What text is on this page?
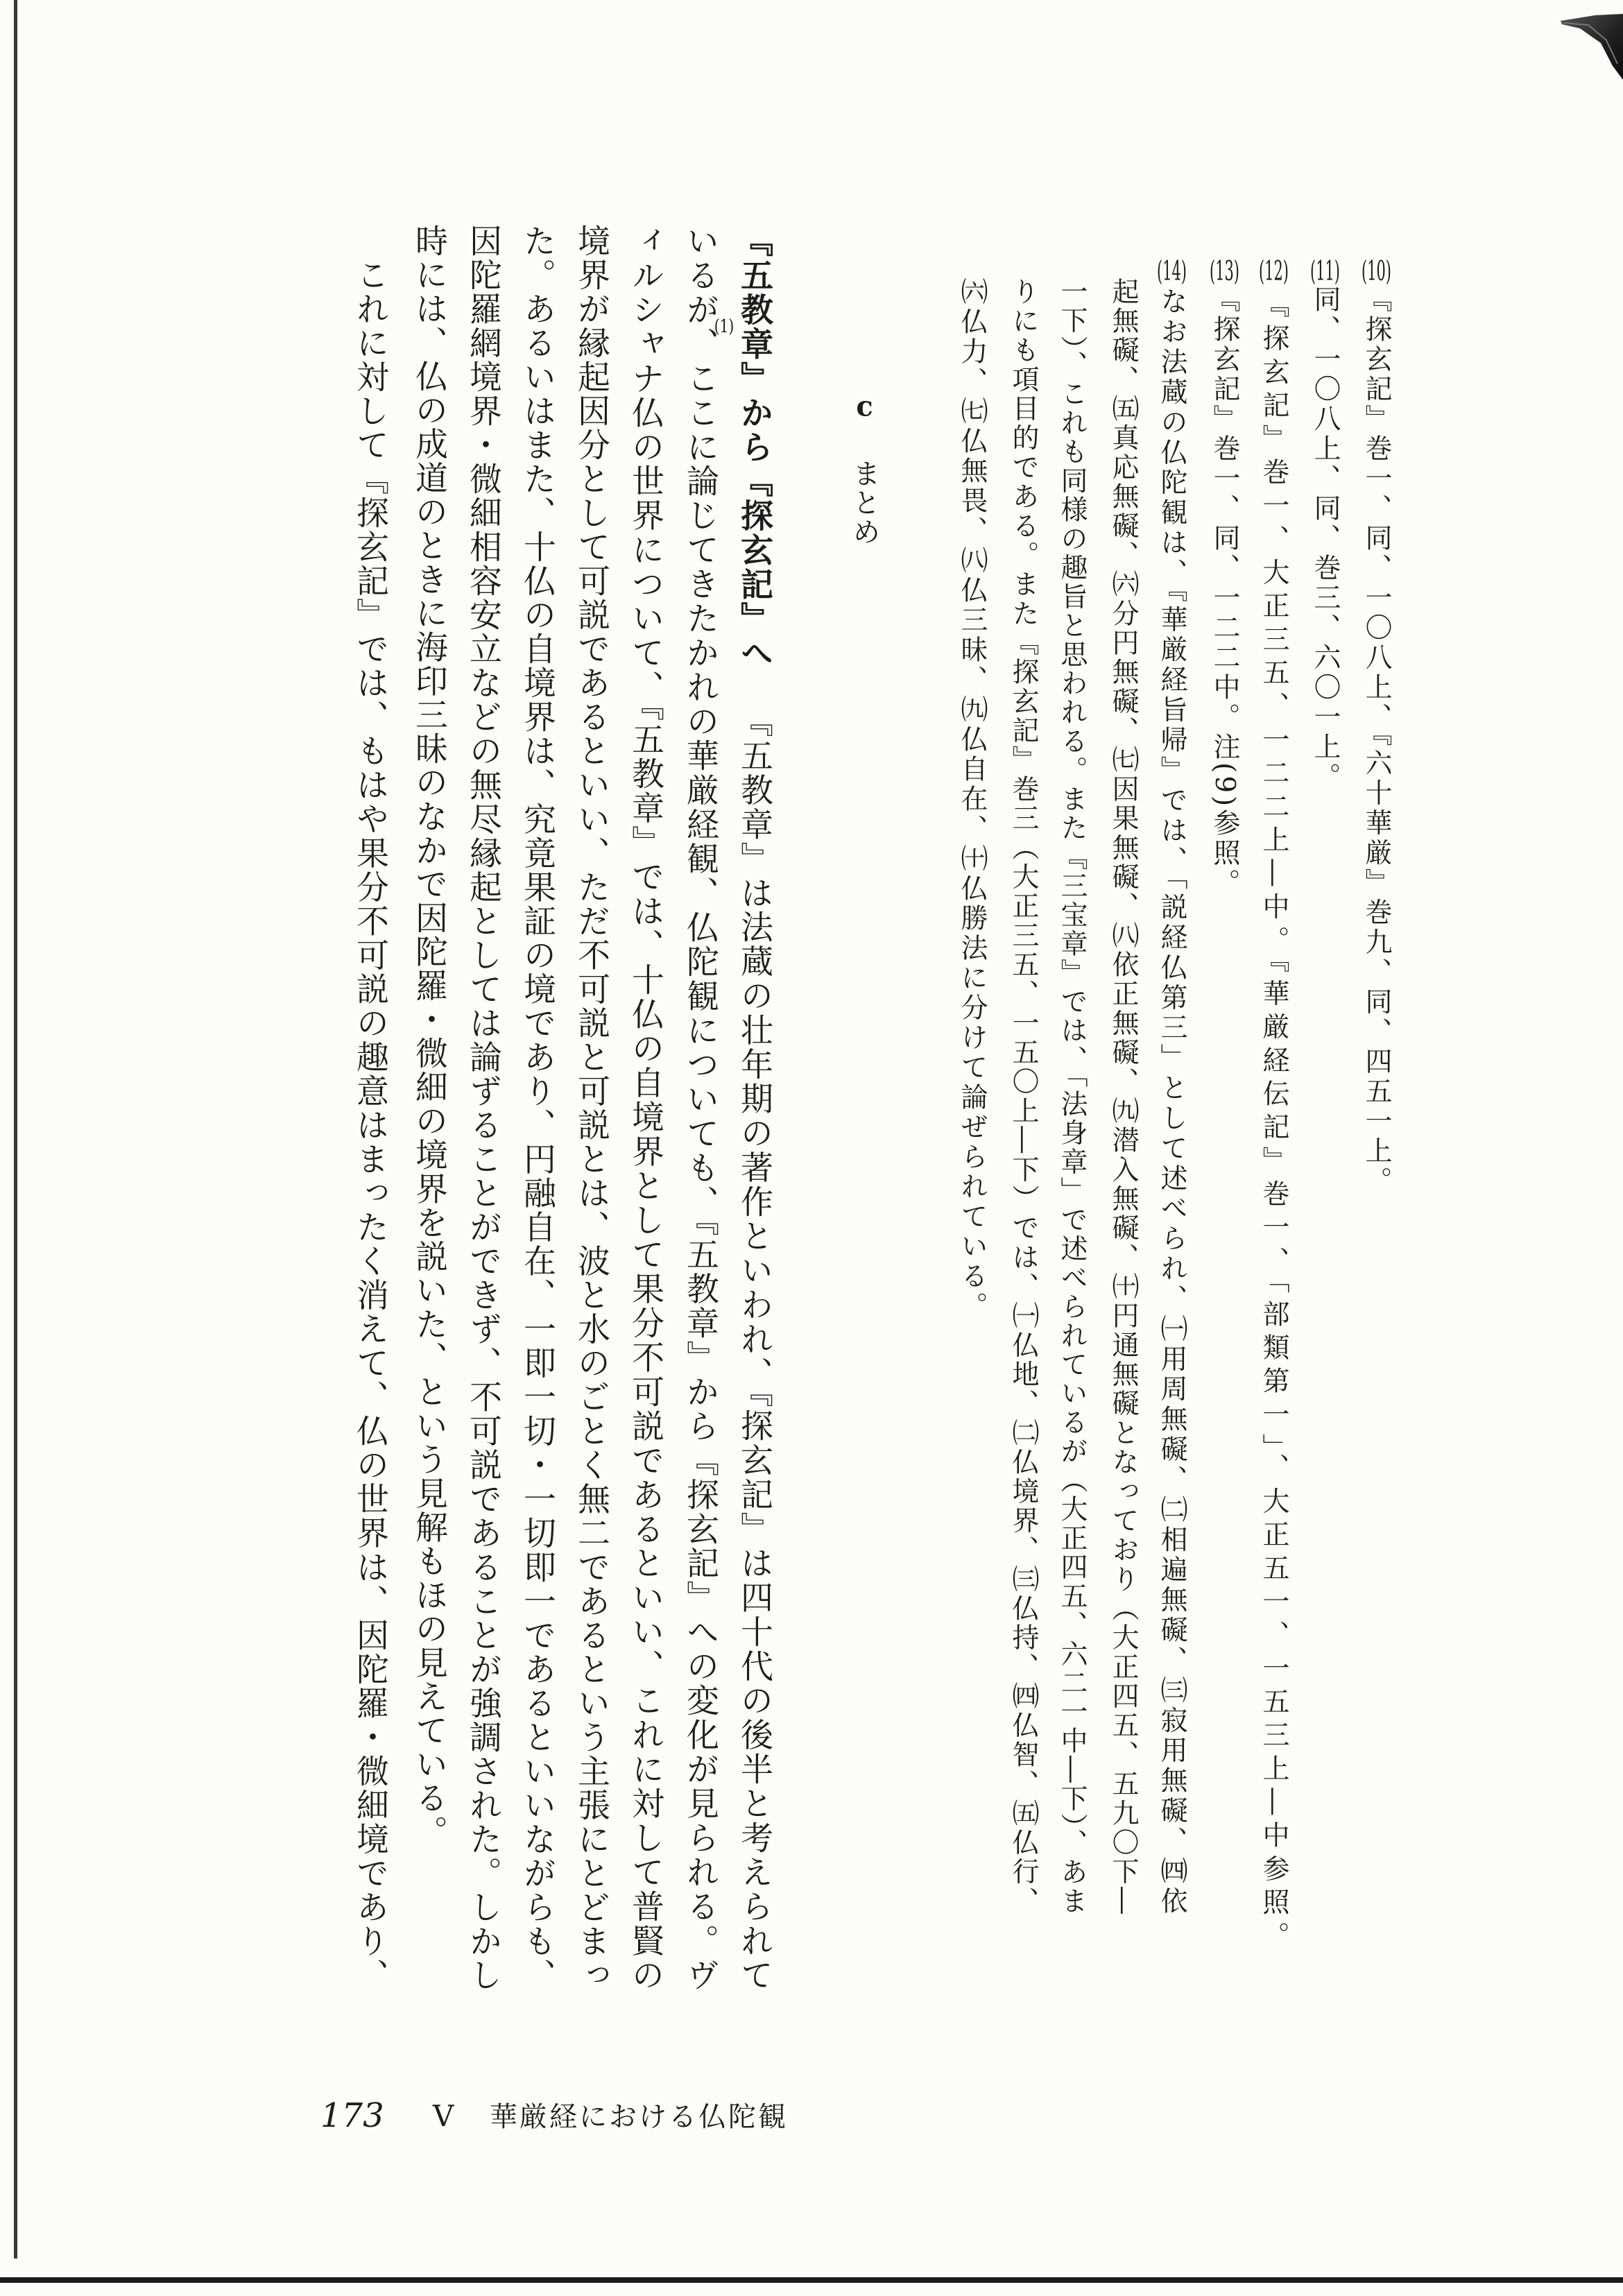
(10)『探玄記』巻一、同、一〇八上、『六十華厳』巻九、同、四五一上。
(11)同、一〇八上、同、巻三、六〇一上。
(12)『探玄記』巻一、大正三五、一二二上―中。『華厳経伝記』巻一、「部類第一」、大正五一、一五三上―中参照。
(13)『探玄記』巻一、同、一二二中。注(9)参照。
(14)なお法蔵の仏陀観は、『華厳経旨帰』では、「説経仏第三」として述べられ、㈠用周無礙、㈡相遍無礙、㈢寂用無礙、㈣依
起無礙、㈤真応無礙、㈥分円無礙、㈦因果無礙、㈧依正無礙、㈨潜入無礙、㈩円通無礙となっており（大正四五、五九〇下―
一下）、これも同様の趣旨と思われる。また『三宝章』では、「法身章」で述べられているが（大正四五、六二一中―下）、あま
りにも項目的である。また『探玄記』巻三（大正三五、一五〇上―下）では、㈠仏地、㈡仏境界、㈢仏持、㈣仏智、㈤仏行、
㈥仏力、㈦仏無畏、㈧仏三昧、㈨仏自在、㈩仏勝法に分けて論ぜられている。
c
まとめ
『五教章』から『探玄記』へ『五教章』は法蔵の壮年期の著作といわれ、『探玄記』は四十代の後半と考えられて
いるが、ここに論じてきたかれの華厳経観、仏陀観についても、『五教章』から『探玄記』への変化が見られる。ヴ
(1)
ィルシャナ仏の世界について、『五教章』では、十仏の自境界として果分不可説であるといい、これに対して普賢の
境界が縁起因分として可説であるといい、ただ不可説と可説とは、波と水のごとく無二であるという主張にとどまっ
た。あるいはまた、十仏の自境界は、究竟果証の境であり、円融自在、一即一切・一切即一であるといいながらも、
因陀羅網境界・微細相容安立などの無尽縁起としては論ずることができず、不可説であることが強調された。しかし
時には、仏の成道のときに海印三昧のなかで因陀羅・微細の境界を説いた、という見解もほの見えている。
これに対して『探玄記』では、もはや果分不可説の趣意はまったく消えて、仏の世界は、因陀羅・微細境であり、
173 V 華厳経における仏陀観
